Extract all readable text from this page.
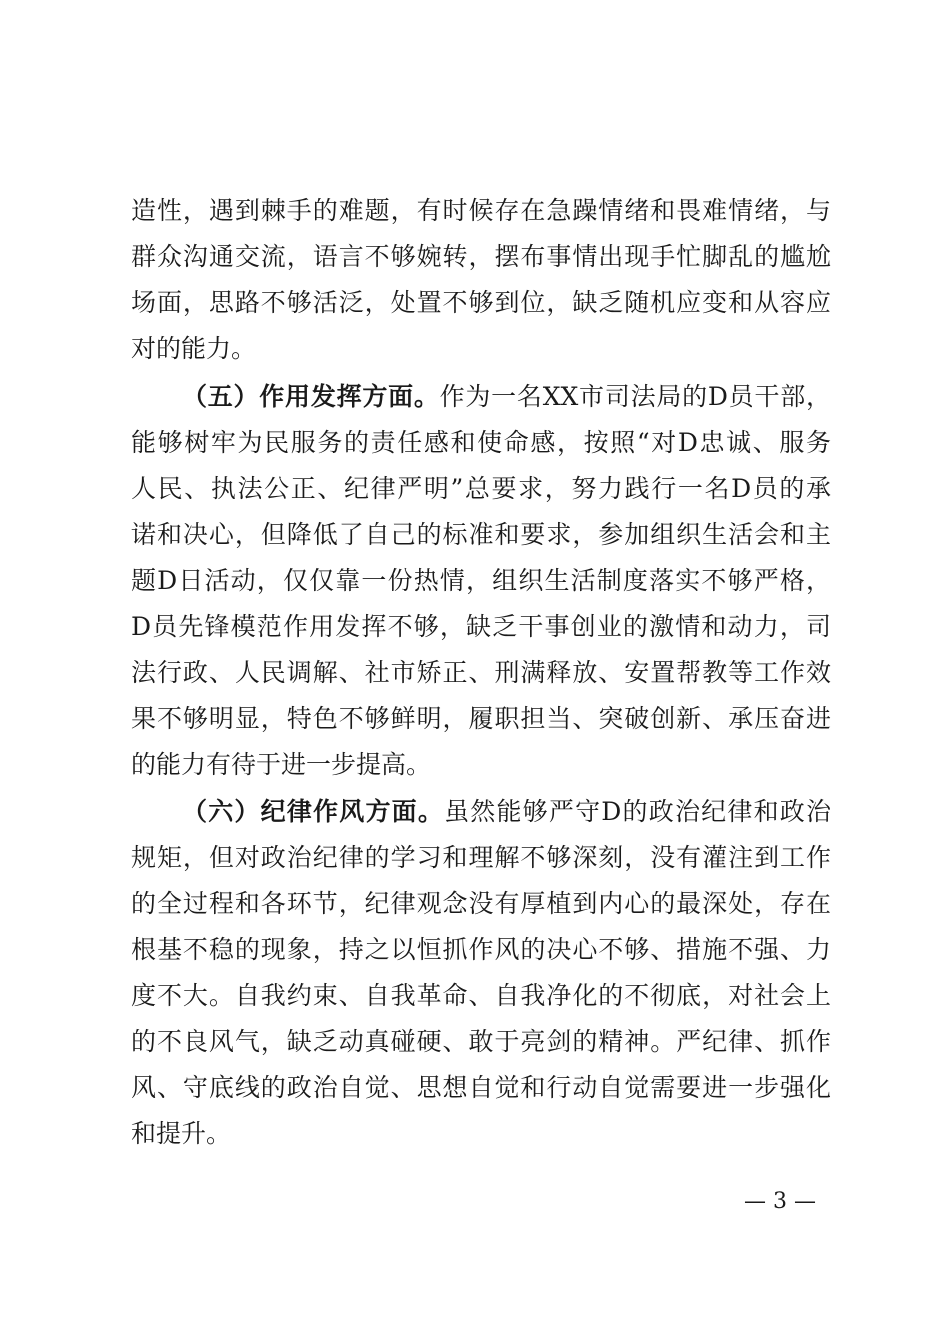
造性，遇到棘手的难题，有时候存在急躁情绪和畏难情绪，与
群众沟通交流，语言不够婉转，摆布事情出现手忙脚乱的尴尬
场面，思路不够活泛，处置不够到位，缺乏随机应变和从容应
对的能力。
（五）作用发挥方面。作为一名XX市司法局的D员干部，
能够树牢为民服务的责任感和使命感，按照“对D忠诚、服务
人民、执法公正、纪律严明”总要求，努力践行一名D员的承
诺和决心，但降低了自己的标准和要求，参加组织生活会和主
题D日活动，仅仅靠一份热情，组织生活制度落实不够严格，
D员先锋模范作用发挥不够，缺乏干事创业的激情和动力，司
法行政、人民调解、社市矫正、刑满释放、安置帮教等工作效
果不够明显，特色不够鲜明，履职担当、突破创新、承压奋进
的能力有待于进一步提高。
（六）纪律作风方面。虽然能够严守D的政治纪律和政治
规矩，但对政治纪律的学习和理解不够深刻，没有灌注到工作
的全过程和各环节，纪律观念没有厚植到内心的最深处，存在
根基不稳的现象，持之以恒抓作风的决心不够、措施不强、力
度不大。自我约束、自我革命、自我净化的不彻底，对社会上
的不良风气，缺乏动真碰硬、敢于亮剑的精神。严纪律、抓作
风、守底线的政治自觉、思想自觉和行动自觉需要进一步强化
和提升。
— 3 —
